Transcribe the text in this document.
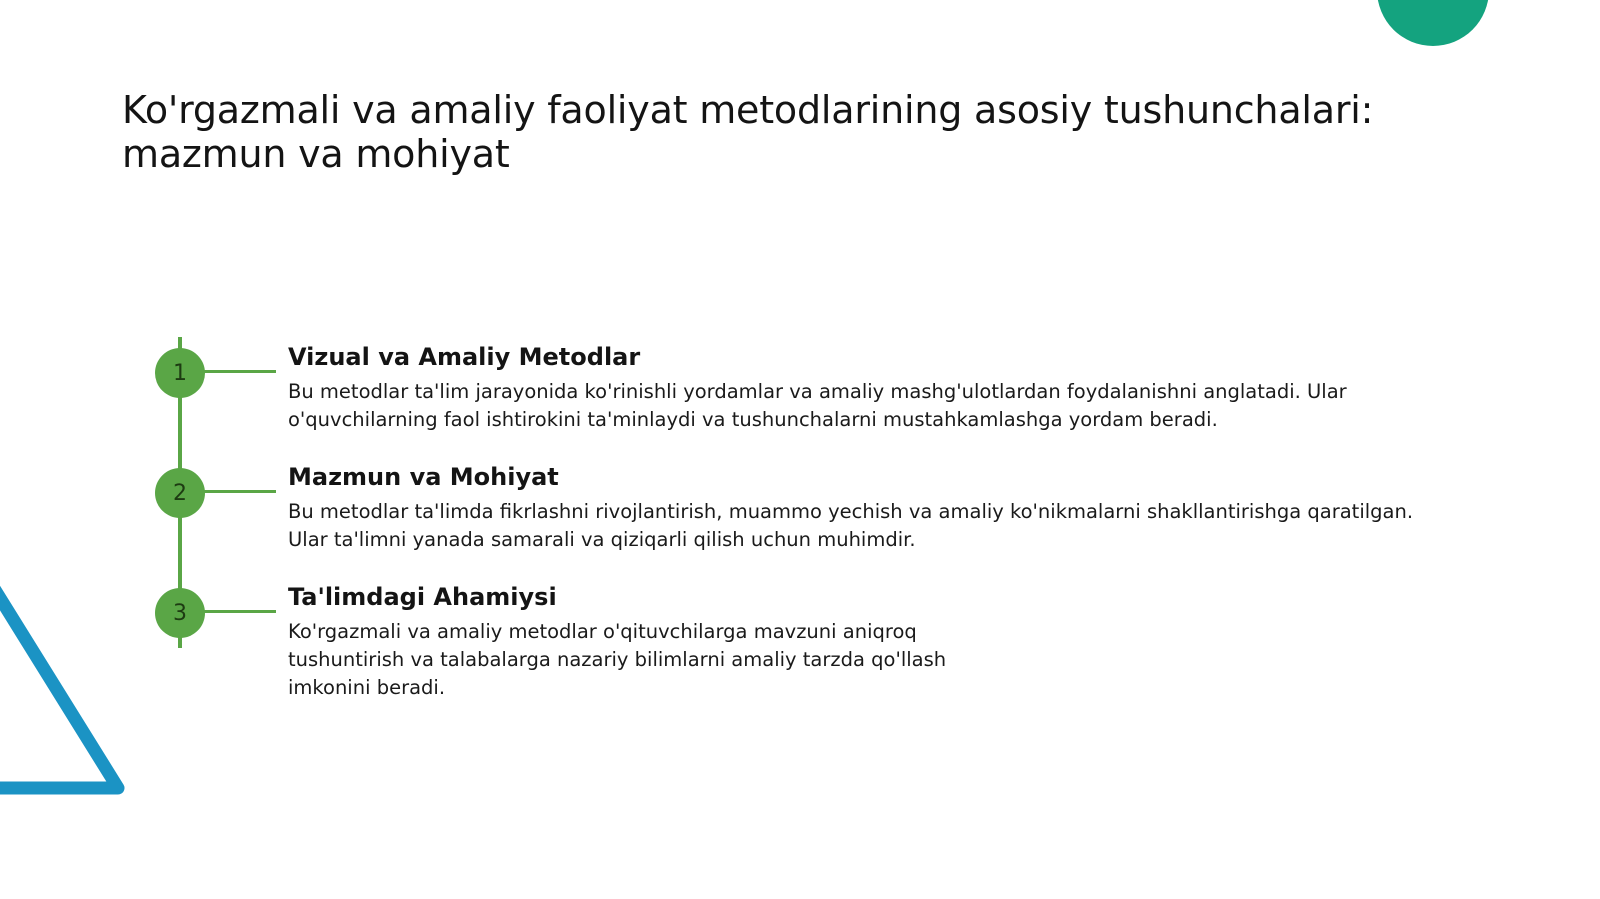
Ko'rgazmali va amaliy faoliyat metodlarining asosiy tushunchalari: mazmun va mohiyat
1
Vizual va Amaliy Metodlar
Bu metodlar ta'lim jarayonida ko'rinishli yordamlar va amaliy mashg'ulotlardan foydalanishni anglatadi. Ular o'quvchilarning faol ishtirokini ta'minlaydi va tushunchalarni mustahkamlashga yordam beradi.
2
Mazmun va Mohiyat
Bu metodlar ta'limda fikrlashni rivojlantirish, muammo yechish va amaliy ko'nikmalarni shakllantirishga qaratilgan. Ular ta'limni yanada samarali va qiziqarli qilish uchun muhimdir.
3
Ta'limdagi Ahamiysi
Ko'rgazmali va amaliy metodlar o'qituvchilarga mavzuni aniqroq tushuntirish va talabalarga nazariy bilimlarni amaliy tarzda qo'llash imkonini beradi.
